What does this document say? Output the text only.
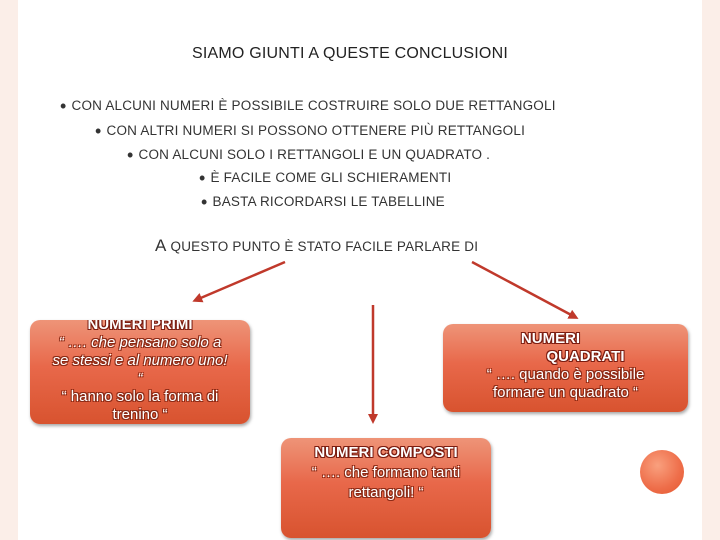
SIAMO GIUNTI A QUESTE CONCLUSIONI
• CON ALCUNI NUMERI È POSSIBILE COSTRUIRE SOLO DUE RETTANGOLI
• CON ALTRI NUMERI SI POSSONO OTTENERE PIÙ RETTANGOLI
• CON ALCUNI SOLO I RETTANGOLI E UN QUADRATO .
• È FACILE COME GLI SCHIERAMENTI
• BASTA RICORDARSI LE TABELLINE
A QUESTO PUNTO È STATO FACILE PARLARE DI
NUMERI PRIMI
“ …. che pensano solo a
se stessi e al numero uno!
“
“ hanno solo la forma di
trenino “
NUMERI
QUADRATI
“ …. quando è possibile
formare un quadrato “
NUMERI COMPOSTI
“ …. che formano tanti
rettangoli! “
